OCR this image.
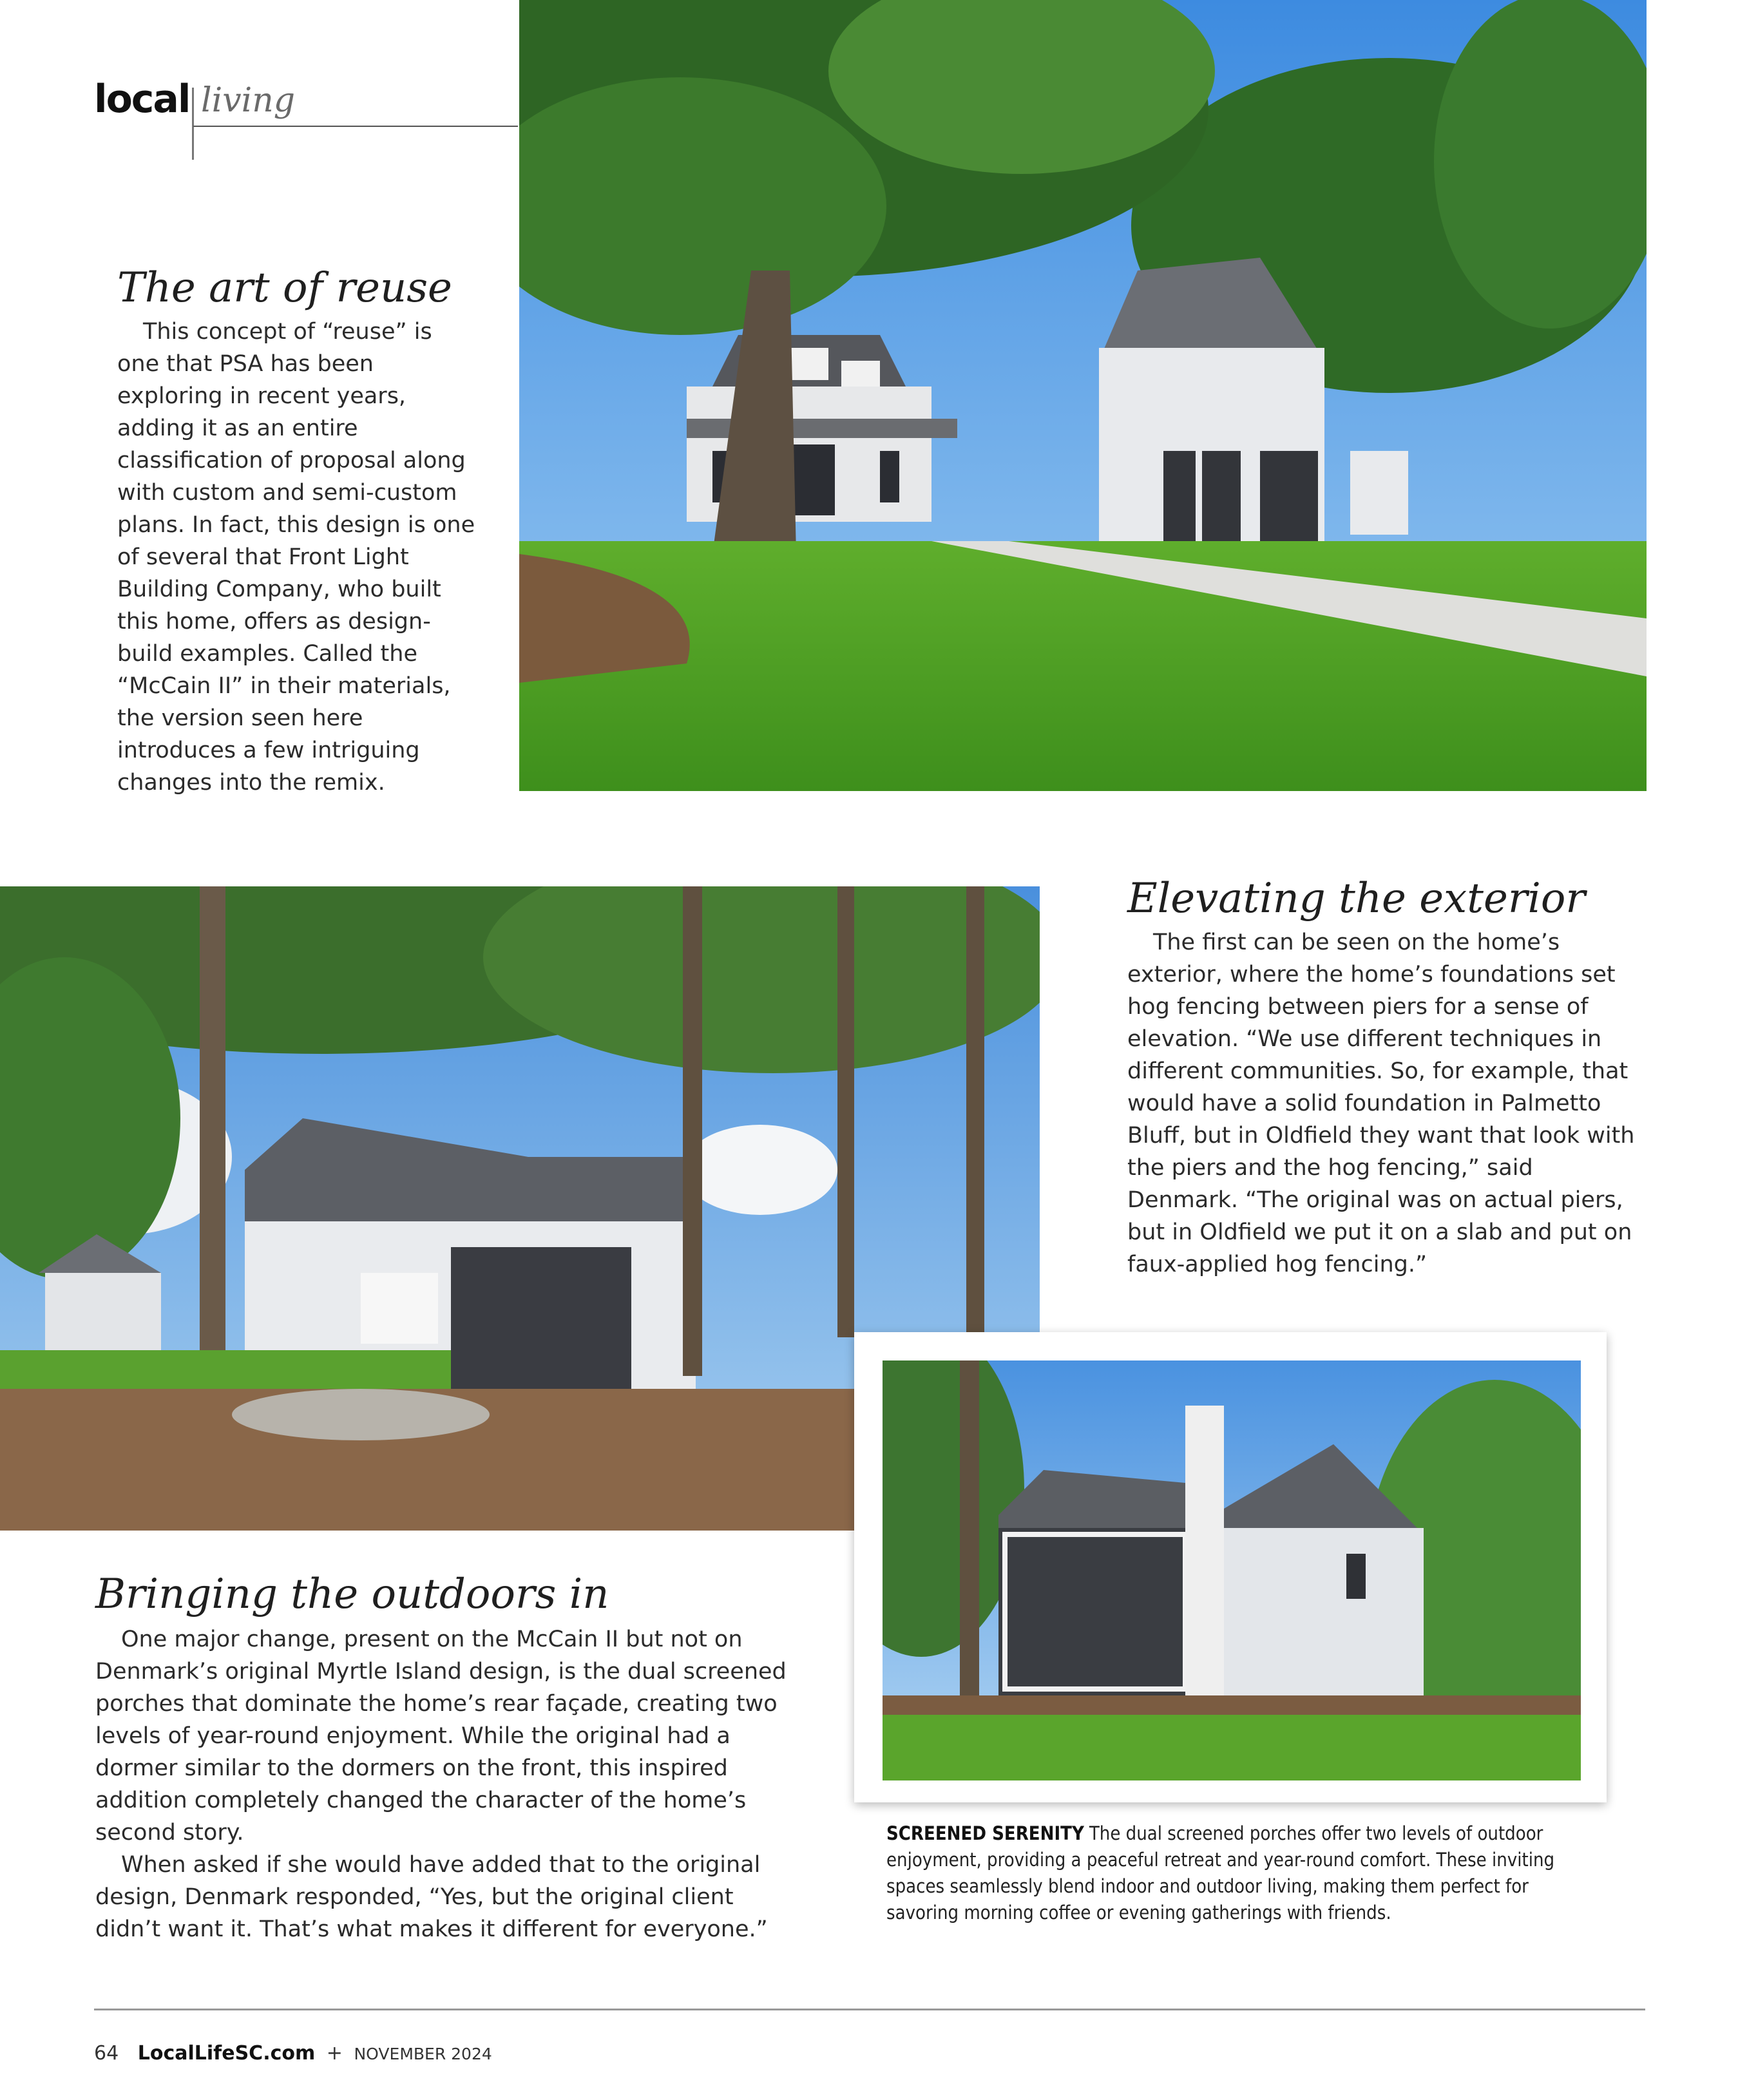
local living
The art of reuse

This concept of “reuse” is one that PSA has been exploring in recent years, adding it as an entire classification of proposal along with custom and semi-custom plans. In fact, this design is one of several that Front Light Building Company, who built this home, offers as design-build examples. Called the “McCain II” in their materials, the version seen here introduces a few intriguing changes into the remix.

Elevating the exterior

The first can be seen on the home’s exterior, where the home’s foundations set hog fencing between piers for a sense of elevation. “We use different techniques in different communities. So, for example, that would have a solid foundation in Palmetto Bluff, but in Oldfield they want that look with the piers and the hog fencing,” said Denmark. “The original was on actual piers, but in Oldfield we put it on a slab and put on faux-applied hog fencing.”

SCREENED SERENITY The dual screened porches offer two levels of outdoor enjoyment, providing a peaceful retreat and year-round comfort. These inviting spaces seamlessly blend indoor and outdoor living, making them perfect for savoring morning coffee or evening gatherings with friends.
Bringing the outdoors in

One major change, present on the McCain II but not on Denmark’s original Myrtle Island design, is the dual screened porches that dominate the home’s rear façade, creating two levels of year-round enjoyment. While the original had a dormer similar to the dormers on the front, this inspired addition completely changed the character of the home’s second story.

When asked if she would have added that to the original design, Denmark responded, “Yes, but the original client didn’t want it. That’s what makes it different for everyone.”

64 LocalLifeSC.com + NOVEMBER 2024
